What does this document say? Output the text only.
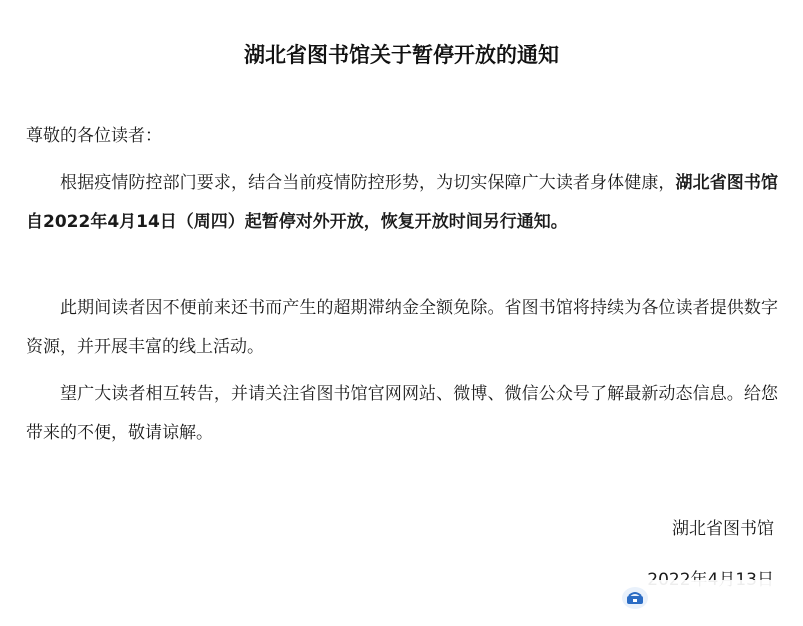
湖北省图书馆关于暂停开放的通知
尊敬的各位读者：
根据疫情防控部门要求，结合当前疫情防控形势，为切实保障广大读者身体健康，湖北省图书馆自2022年4月14日（周四）起暂停对外开放，恢复开放时间另行通知。
此期间读者因不便前来还书而产生的超期滞纳金全额免除。省图书馆将持续为各位读者提供数字资源，并开展丰富的线上活动。
望广大读者相互转告，并请关注省图书馆官网网站、微博、微信公众号了解最新动态信息。给您带来的不便，敬请谅解。
湖北省图书馆
